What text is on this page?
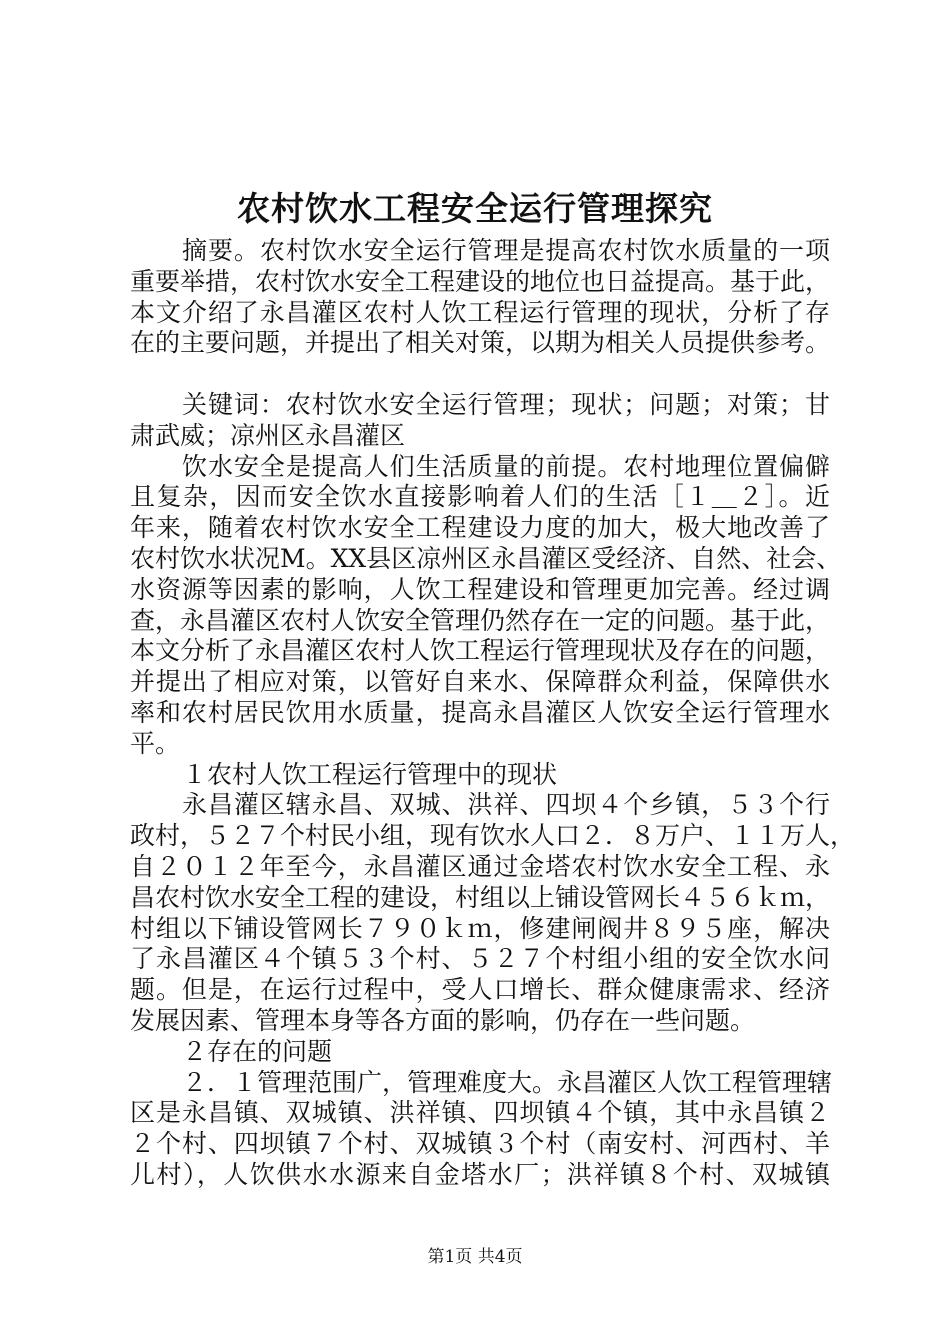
农村饮水工程安全运行管理探究
摘要。农村饮水安全运行管理是提高农村饮水质量的一项
重要举措，农村饮水安全工程建设的地位也日益提高。基于此，
本文介绍了永昌灌区农村人饮工程运行管理的现状，分析了存
在的主要问题，并提出了相关对策，以期为相关人员提供参考。
关键词：农村饮水安全运行管理；现状；问题；对策；甘
肃武威；凉州区永昌灌区
饮水安全是提高人们生活质量的前提。农村地理位置偏僻
且复杂，因而安全饮水直接影响着人们的生活［１＿２］。近
年来，随着农村饮水安全工程建设力度的加大，极大地改善了
农村饮水状况M。XX县区凉州区永昌灌区受经济、自然、社会、
水资源等因素的影响，人饮工程建设和管理更加完善。经过调
查，永昌灌区农村人饮安全管理仍然存在一定的问题。基于此，
本文分析了永昌灌区农村人饮工程运行管理现状及存在的问题，
并提出了相应对策，以管好自来水、保障群众利益，保障供水
率和农村居民饮用水质量，提高永昌灌区人饮安全运行管理水
平。
１农村人饮工程运行管理中的现状
永昌灌区辖永昌、双城、洪祥、四坝４个乡镇，５３个行
政村，５２７个村民小组，现有饮水人口２．８万户、１１万人，
自２０１２年至今，永昌灌区通过金塔农村饮水安全工程、永
昌农村饮水安全工程的建设，村组以上铺设管网长４５６ｋｍ，
村组以下铺设管网长７９０ｋｍ，修建闸阀井８９５座，解决
了永昌灌区４个镇５３个村、５２７个村组小组的安全饮水问
题。但是，在运行过程中，受人口增长、群众健康需求、经济
发展因素、管理本身等各方面的影响，仍存在一些问题。
２存在的问题
２．１管理范围广，管理难度大。永昌灌区人饮工程管理辖
区是永昌镇、双城镇、洪祥镇、四坝镇４个镇，其中永昌镇２
２个村、四坝镇７个村、双城镇３个村（南安村、河西村、羊
儿村），人饮供水水源来自金塔水厂；洪祥镇８个村、双城镇
第1页 共4页
